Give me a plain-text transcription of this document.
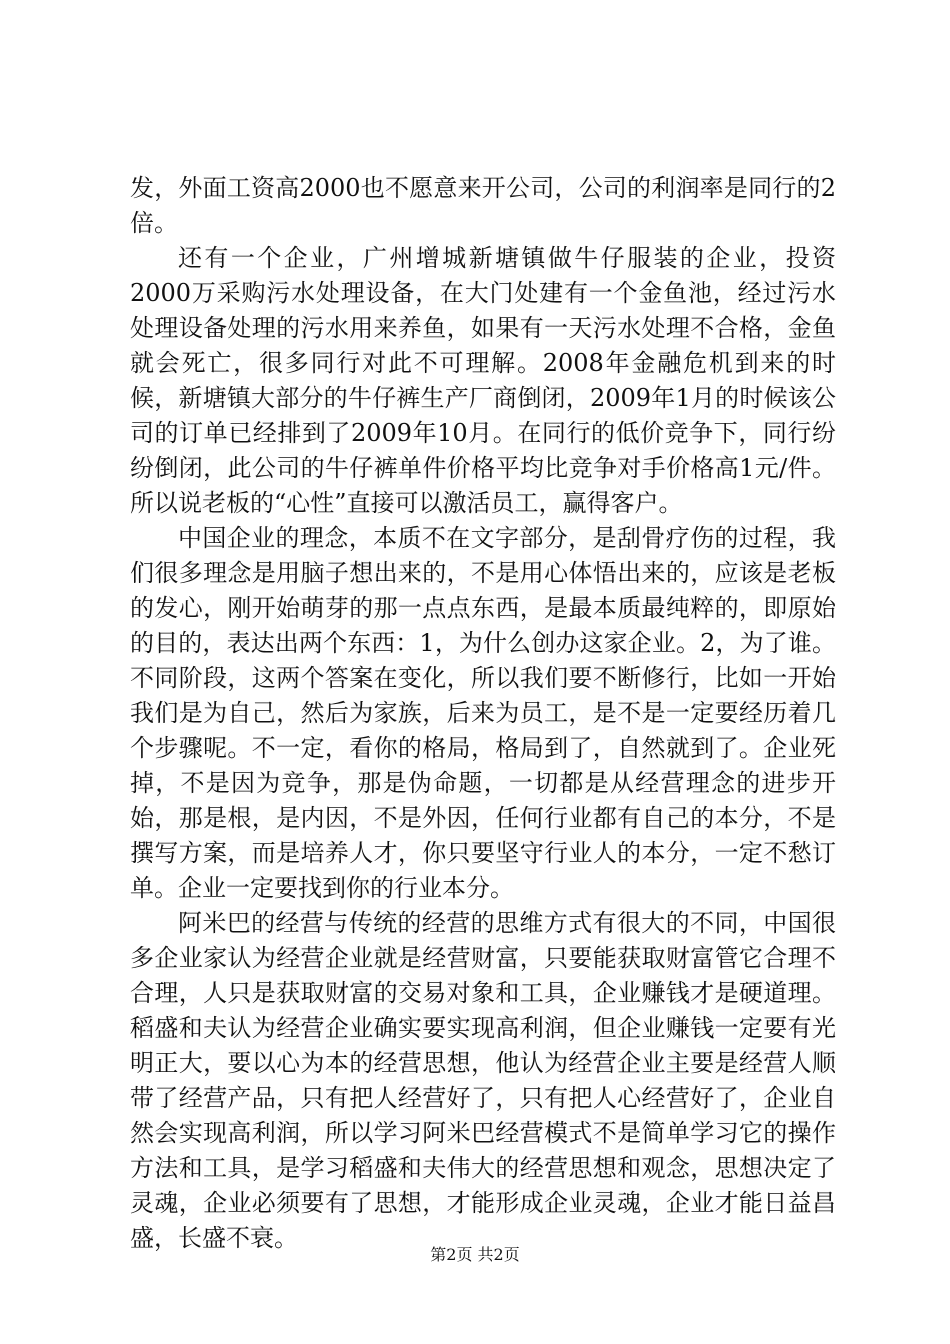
发，外面工资高2000也不愿意来开公司，公司的利润率是同行的2倍。

还有一个企业，广州增城新塘镇做牛仔服装的企业，投资2000万采购污水处理设备，在大门处建有一个金鱼池，经过污水处理设备处理的污水用来养鱼，如果有一天污水处理不合格，金鱼就会死亡，很多同行对此不可理解。2008年金融危机到来的时候，新塘镇大部分的牛仔裤生产厂商倒闭，2009年1月的时候该公司的订单已经排到了2009年10月。在同行的低价竞争下，同行纷纷倒闭，此公司的牛仔裤单件价格平均比竞争对手价格高1元/件。所以说老板的“心性”直接可以激活员工，赢得客户。

中国企业的理念，本质不在文字部分，是刮骨疗伤的过程，我们很多理念是用脑子想出来的，不是用心体悟出来的，应该是老板的发心，刚开始萌芽的那一点点东西，是最本质最纯粹的，即原始的目的，表达出两个东西：1，为什么创办这家企业。2，为了谁。不同阶段，这两个答案在变化，所以我们要不断修行，比如一开始我们是为自己，然后为家族，后来为员工，是不是一定要经历着几个步骤呢。不一定，看你的格局，格局到了，自然就到了。企业死掉，不是因为竞争，那是伪命题，一切都是从经营理念的进步开始，那是根，是内因，不是外因，任何行业都有自己的本分，不是撰写方案，而是培养人才，你只要坚守行业人的本分，一定不愁订单。企业一定要找到你的行业本分。

阿米巴的经营与传统的经营的思维方式有很大的不同，中国很多企业家认为经营企业就是经营财富，只要能获取财富管它合理不合理，人只是获取财富的交易对象和工具，企业赚钱才是硬道理。稻盛和夫认为经营企业确实要实现高利润，但企业赚钱一定要有光明正大，要以心为本的经营思想，他认为经营企业主要是经营人顺带了经营产品，只有把人经营好了，只有把人心经营好了，企业自然会实现高利润，所以学习阿米巴经营模式不是简单学习它的操作方法和工具，是学习稻盛和夫伟大的经营思想和观念，思想决定了灵魂，企业必须要有了思想，才能形成企业灵魂，企业才能日益昌盛，长盛不衰。

第2页 共2页
